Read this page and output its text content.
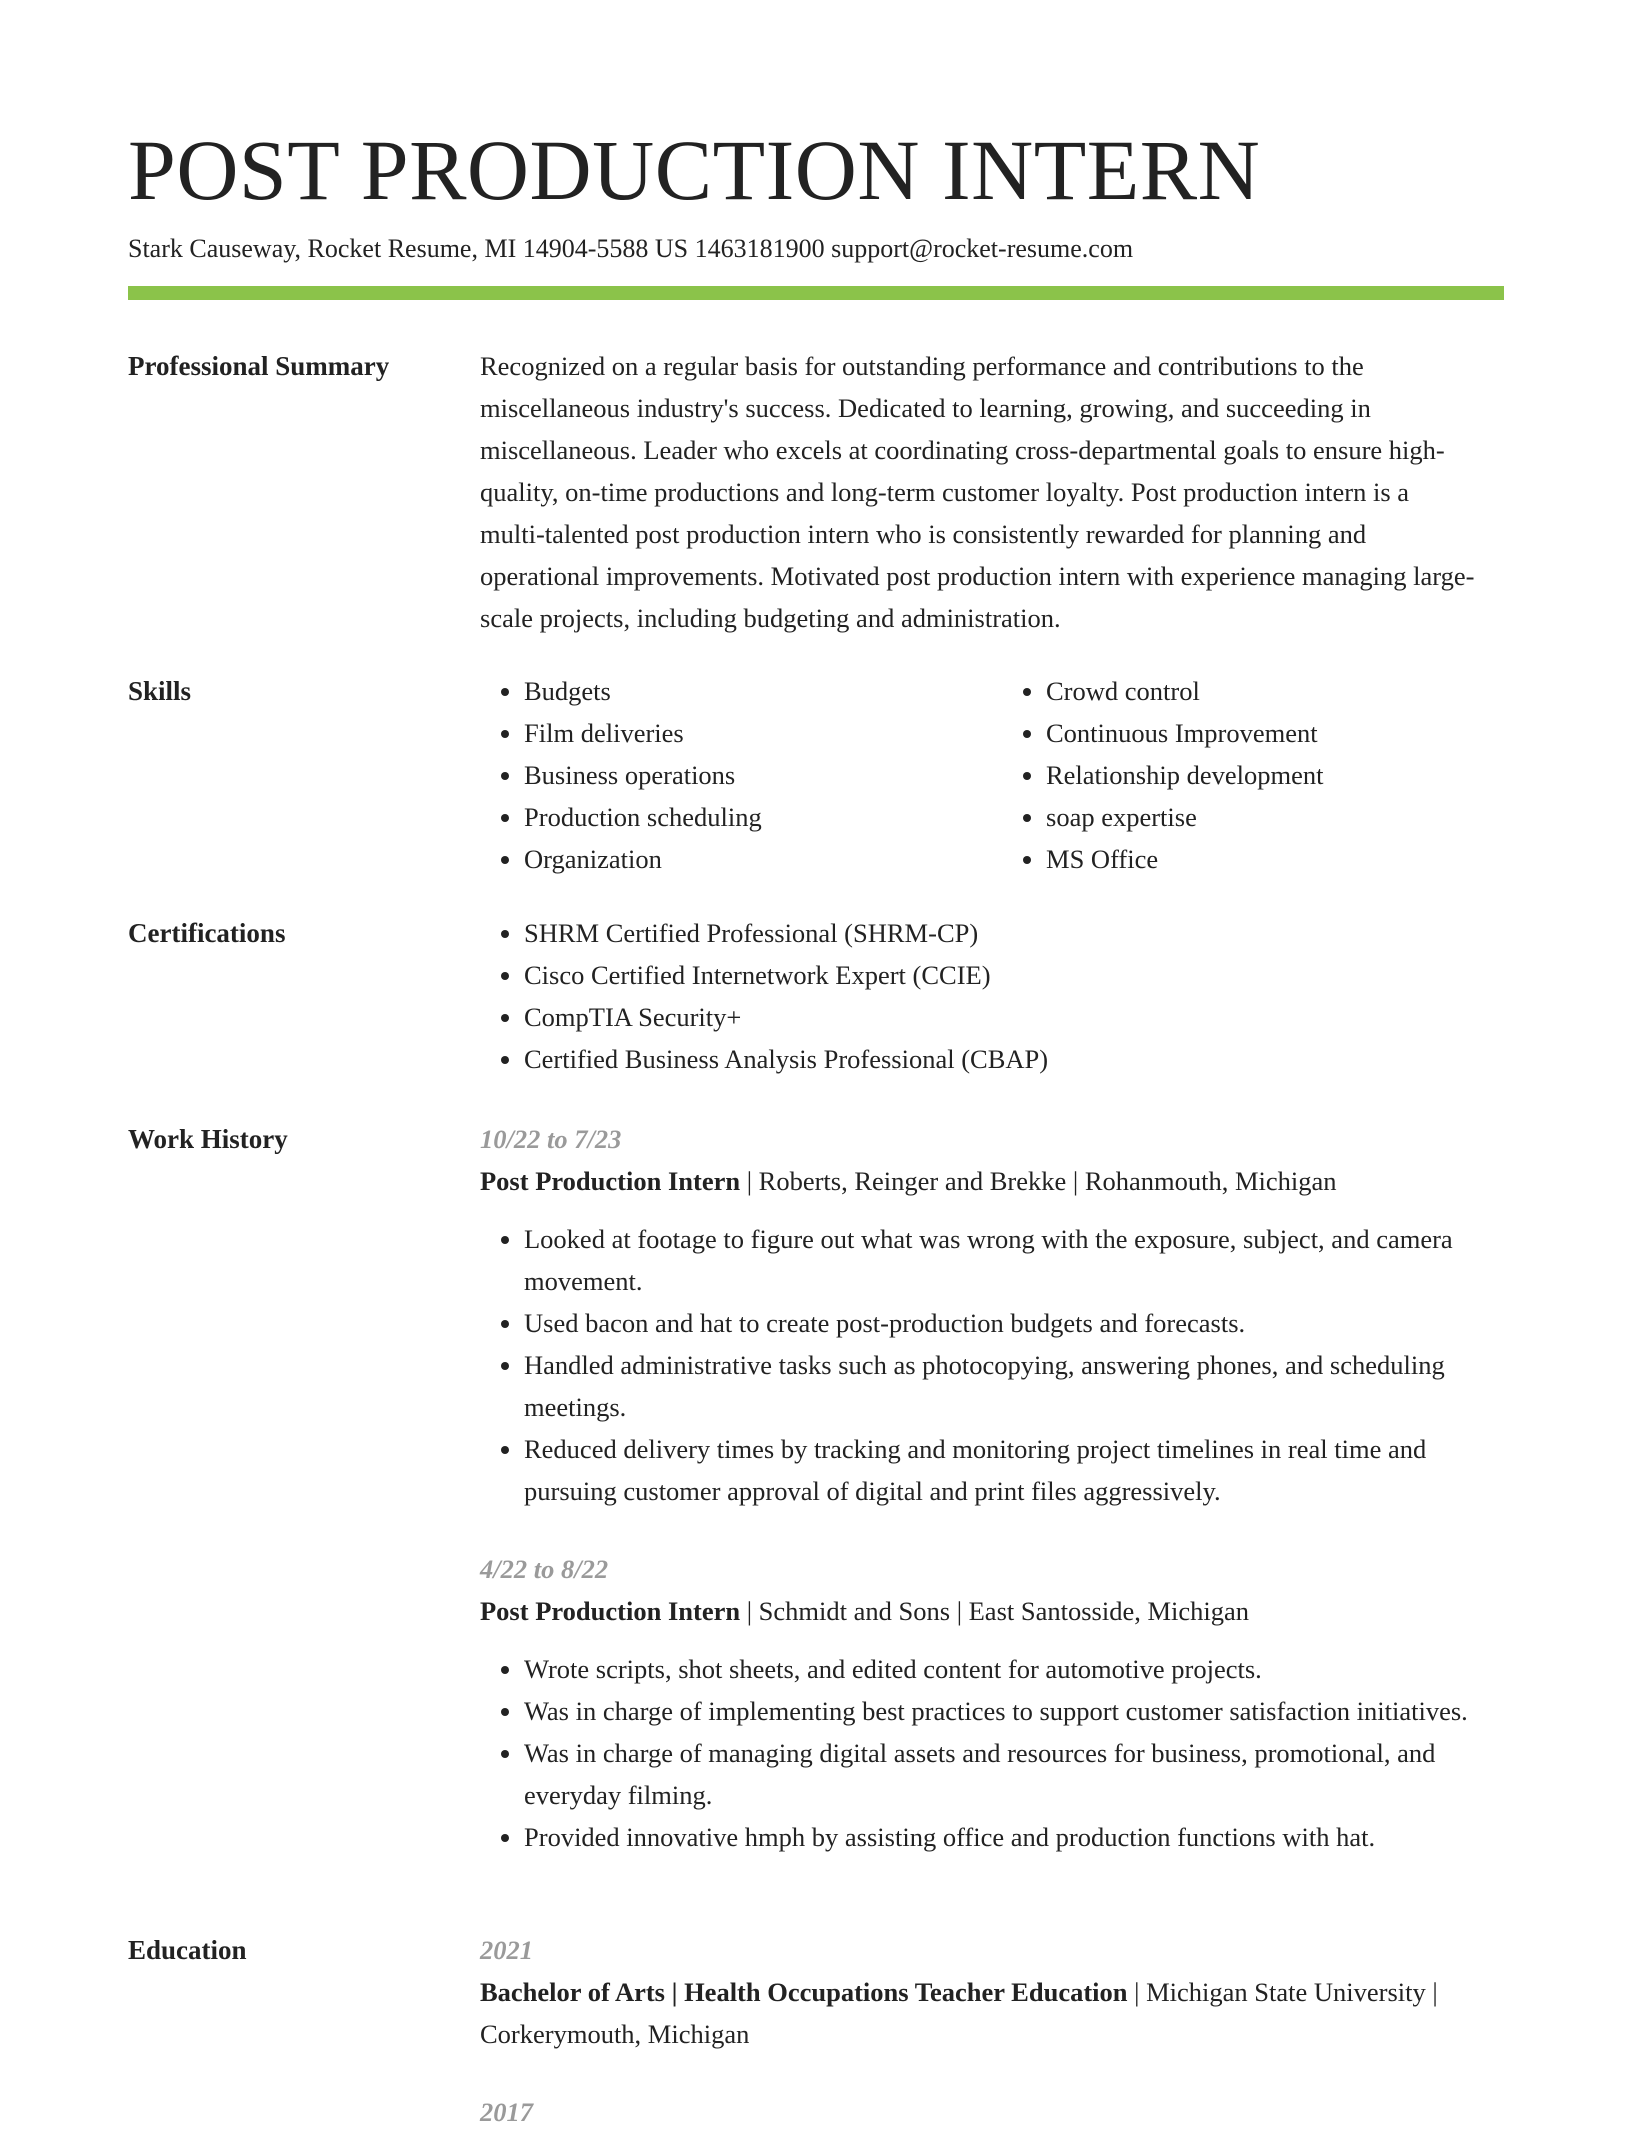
POST PRODUCTION INTERN
Stark Causeway, Rocket Resume, MI 14904-5588 US 1463181900 support@rocket-resume.com
Professional Summary	Recognized on a regular basis for outstanding performance and contributions to the miscellaneous industry's success. Dedicated to learning, growing, and succeeding in miscellaneous. Leader who excels at coordinating cross-departmental goals to ensure high-quality, on-time productions and long-term customer loyalty. Post production intern is a multi-talented post production intern who is consistently rewarded for planning and operational improvements. Motivated post production intern with experience managing large-scale projects, including budgeting and administration.

Skills	• Budgets
• Film deliveries
• Business operations
• Production scheduling
• Organization
• Crowd control
• Continuous Improvement
• Relationship development
• soap expertise
• MS Office
Certifications	• SHRM Certified Professional (SHRM-CP)
• Cisco Certified Internetwork Expert (CCIE)
• CompTIA Security+
• Certified Business Analysis Professional (CBAP)
Work History	10/22 to 7/23
Post Production Intern | Roberts, Reinger and Brekke | Rohanmouth, Michigan
• Looked at footage to figure out what was wrong with the exposure, subject, and camera movement.
• Used bacon and hat to create post-production budgets and forecasts.
• Handled administrative tasks such as photocopying, answering phones, and scheduling meetings.
• Reduced delivery times by tracking and monitoring project timelines in real time and pursuing customer approval of digital and print files aggressively.
4/22 to 8/22
Post Production Intern | Schmidt and Sons | East Santosside, Michigan
• Wrote scripts, shot sheets, and edited content for automotive projects.
• Was in charge of implementing best practices to support customer satisfaction initiatives.
• Was in charge of managing digital assets and resources for business, promotional, and everyday filming.
• Provided innovative hmph by assisting office and production functions with hat.
Education	2021
Bachelor of Arts | Health Occupations Teacher Education | Michigan State University | Corkerymouth, Michigan
2017
